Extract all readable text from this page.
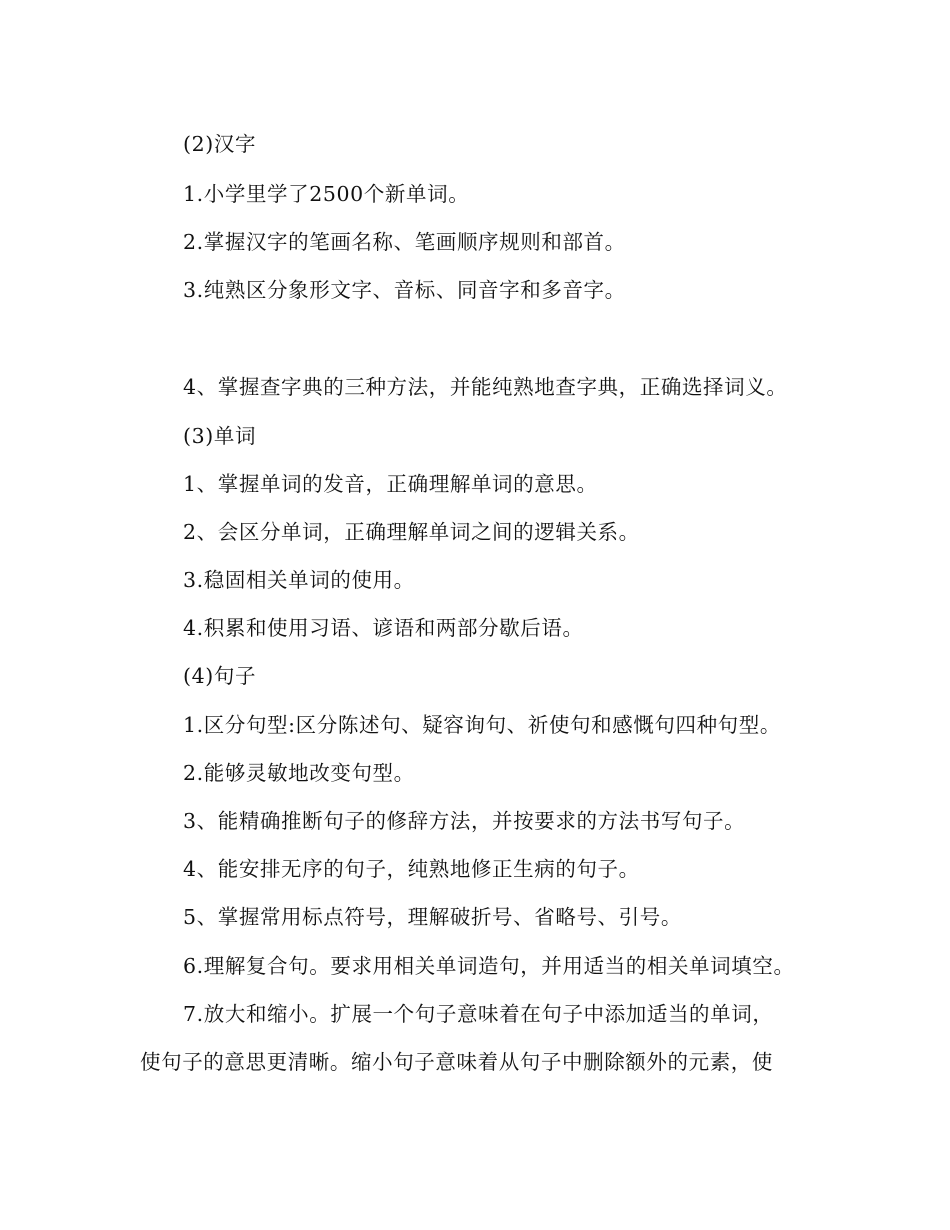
(2)汉字
1.小学里学了2500个新单词。
2.掌握汉字的笔画名称、笔画顺序规则和部首。
3.纯熟区分象形文字、音标、同音字和多音字。
4、掌握查字典的三种方法，并能纯熟地查字典，正确选择词义。
(3)单词
1、掌握单词的发音，正确理解单词的意思。
2、会区分单词，正确理解单词之间的逻辑关系。
3.稳固相关单词的使用。
4.积累和使用习语、谚语和两部分歇后语。
(4)句子
1.区分句型:区分陈述句、疑容询句、祈使句和感慨句四种句型。
2.能够灵敏地改变句型。
3、能精确推断句子的修辞方法，并按要求的方法书写句子。
4、能安排无序的句子，纯熟地修正生病的句子。
5、掌握常用标点符号，理解破折号、省略号、引号。
6.理解复合句。要求用相关单词造句，并用适当的相关单词填空。
7.放大和缩小。扩展一个句子意味着在句子中添加适当的单词，
使句子的意思更清晰。缩小句子意味着从句子中删除额外的元素，使
